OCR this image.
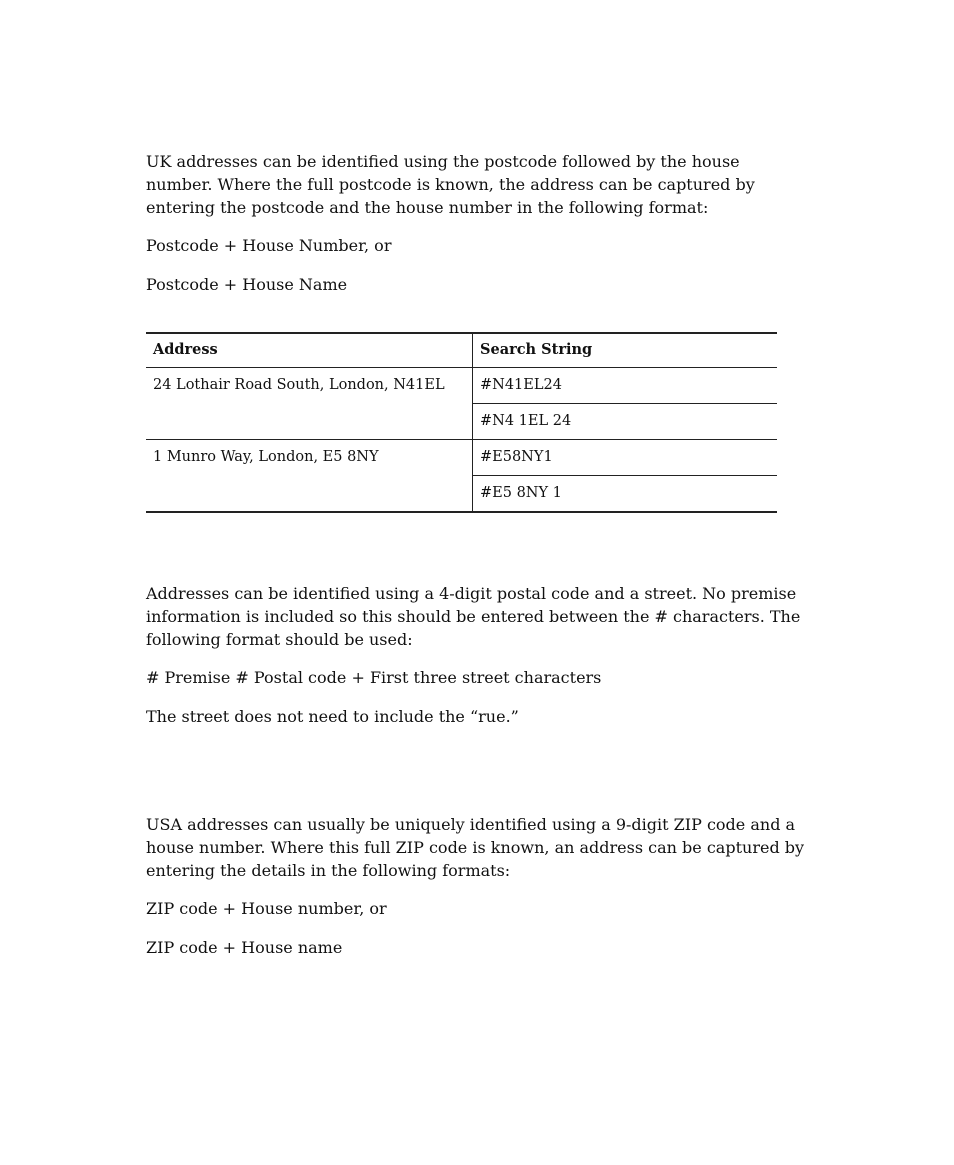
UK addresses can be identified using the postcode followed by the house number. Where the full postcode is known, the address can be captured by entering the postcode and the house number in the following format:

Postcode + House Number, or

Postcode + House Name

Address	Search String
24 Lothair Road South, London, N41EL	#N41EL24
	#N4 1EL 24
1 Munro Way, London, E5 8NY	#E58NY1
	#E5 8NY 1

Addresses can be identified using a 4-digit postal code and a street. No premise information is included so this should be entered between the # characters. The following format should be used:

# Premise # Postal code + First three street characters

The street does not need to include the “rue.”

USA addresses can usually be uniquely identified using a 9-digit ZIP code and a house number. Where this full ZIP code is known, an address can be captured by entering the details in the following formats:

ZIP code + House number, or

ZIP code + House name
